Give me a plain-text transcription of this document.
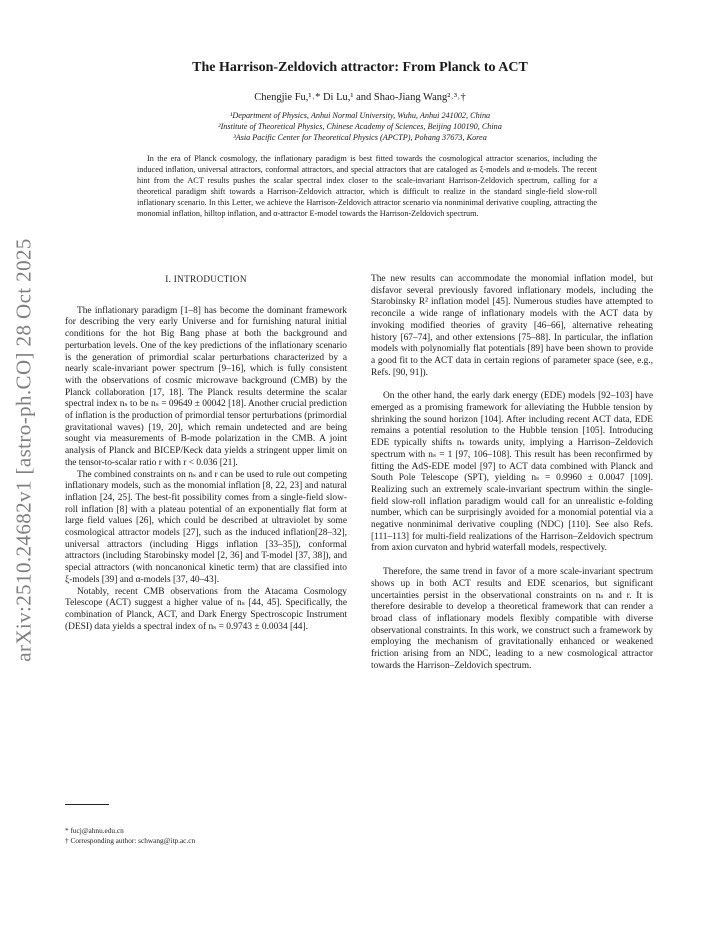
arXiv:2510.24682v1 [astro-ph.CO] 28 Oct 2025
The Harrison-Zeldovich attractor: From Planck to ACT
Chengjie Fu,¹˒* Di Lu,¹ and Shao-Jiang Wang²˒³˒†
¹Department of Physics, Anhui Normal University, Wuhu, Anhui 241002, China
²Institute of Theoretical Physics, Chinese Academy of Sciences, Beijing 100190, China
³Asia Pacific Center for Theoretical Physics (APCTP), Pohang 37673, Korea
In the era of Planck cosmology, the inflationary paradigm is best fitted towards the cosmological attractor scenarios, including the induced inflation, universal attractors, conformal attractors, and special attractors that are cataloged as ξ-models and α-models. The recent hint from the ACT results pushes the scalar spectral index closer to the scale-invariant Harrison-Zeldovich spectrum, calling for a theoretical paradigm shift towards a Harrison-Zeldovich attractor, which is difficult to realize in the standard single-field slow-roll inflationary scenario. In this Letter, we achieve the Harrison-Zeldovich attractor scenario via nonminimal derivative coupling, attracting the monomial inflation, hilltop inflation, and α-attractor E-model towards the Harrison-Zeldovich spectrum.
I. INTRODUCTION

The inflationary paradigm [1–8] has become the dominant framework for describing the very early Universe and for furnishing natural initial conditions for the hot Big Bang phase at both the background and perturbation levels. One of the key predictions of the inflationary scenario is the generation of primordial scalar perturbations characterized by a nearly scale-invariant power spectrum [9–16], which is fully consistent with the observations of cosmic microwave background (CMB) by the Planck collaboration [17, 18]. The Planck results determine the scalar spectral index nₛ to be nₛ = 09649 ± 00042 [18]. Another crucial prediction of inflation is the production of primordial tensor perturbations (primordial gravitational waves) [19, 20], which remain undetected and are being sought via measurements of B-mode polarization in the CMB. A joint analysis of Planck and BICEP/Keck data yields a stringent upper limit on the tensor-to-scalar ratio r with r < 0.036 [21].

The combined constraints on nₛ and r can be used to rule out competing inflationary models, such as the monomial inflation [8, 22, 23] and natural inflation [24, 25]. The best-fit possibility comes from a single-field slow-roll inflation [8] with a plateau potential of an exponentially flat form at large field values [26], which could be described at ultraviolet by some cosmological attractor models [27], such as the induced inflation[28–32], universal attractors (including Higgs inflation [33–35]), conformal attractors (including Starobinsky model [2, 36] and T-model [37, 38]), and special attractors (with noncanonical kinetic term) that are classified into ξ-models [39] and α-models [37, 40–43].

Notably, recent CMB observations from the Atacama Cosmology Telescope (ACT) suggest a higher value of nₛ [44, 45]. Specifically, the combination of Planck, ACT, and Dark Energy Spectroscopic Instrument (DESI) data yields a spectral index of nₛ = 0.9743 ± 0.0034 [44].

The new results can accommodate the monomial inflation model, but disfavor several previously favored inflationary models, including the Starobinsky R² inflation model [45]. Numerous studies have attempted to reconcile a wide range of inflationary models with the ACT data by invoking modified theories of gravity [46–66], alternative reheating history [67–74], and other extensions [75–88]. In particular, the inflation models with polynomially flat potentials [89] have been shown to provide a good fit to the ACT data in certain regions of parameter space (see, e.g., Refs. [90, 91]).

On the other hand, the early dark energy (EDE) models [92–103] have emerged as a promising framework for alleviating the Hubble tension by shrinking the sound horizon [104]. After including recent ACT data, EDE remains a potential resolution to the Hubble tension [105]. Introducing EDE typically shifts nₛ towards unity, implying a Harrison–Zeldovich spectrum with nₛ = 1 [97, 106–108]. This result has been reconfirmed by fitting the AdS-EDE model [97] to ACT data combined with Planck and South Pole Telescope (SPT), yielding nₛ = 0.9960 ± 0.0047 [109]. Realizing such an extremely scale-invariant spectrum within the single-field slow-roll inflation paradigm would call for an unrealistic e-folding number, which can be surprisingly avoided for a monomial potential via a negative nonminimal derivative coupling (NDC) [110]. See also Refs. [111–113] for multi-field realizations of the Harrison–Zeldovich spectrum from axion curvaton and hybrid waterfall models, respectively.

Therefore, the same trend in favor of a more scale-invariant spectrum shows up in both ACT results and EDE scenarios, but significant uncertainties persist in the observational constraints on nₛ and r. It is therefore desirable to develop a theoretical framework that can render a broad class of inflationary models flexibly compatible with diverse observational constraints. In this work, we construct such a framework by employing the mechanism of gravitationally enhanced or weakened friction arising from an NDC, leading to a new cosmological attractor towards the Harrison–Zeldovich spectrum.

* fucj@ahnu.edu.cn
† Corresponding author: schwang@itp.ac.cn
